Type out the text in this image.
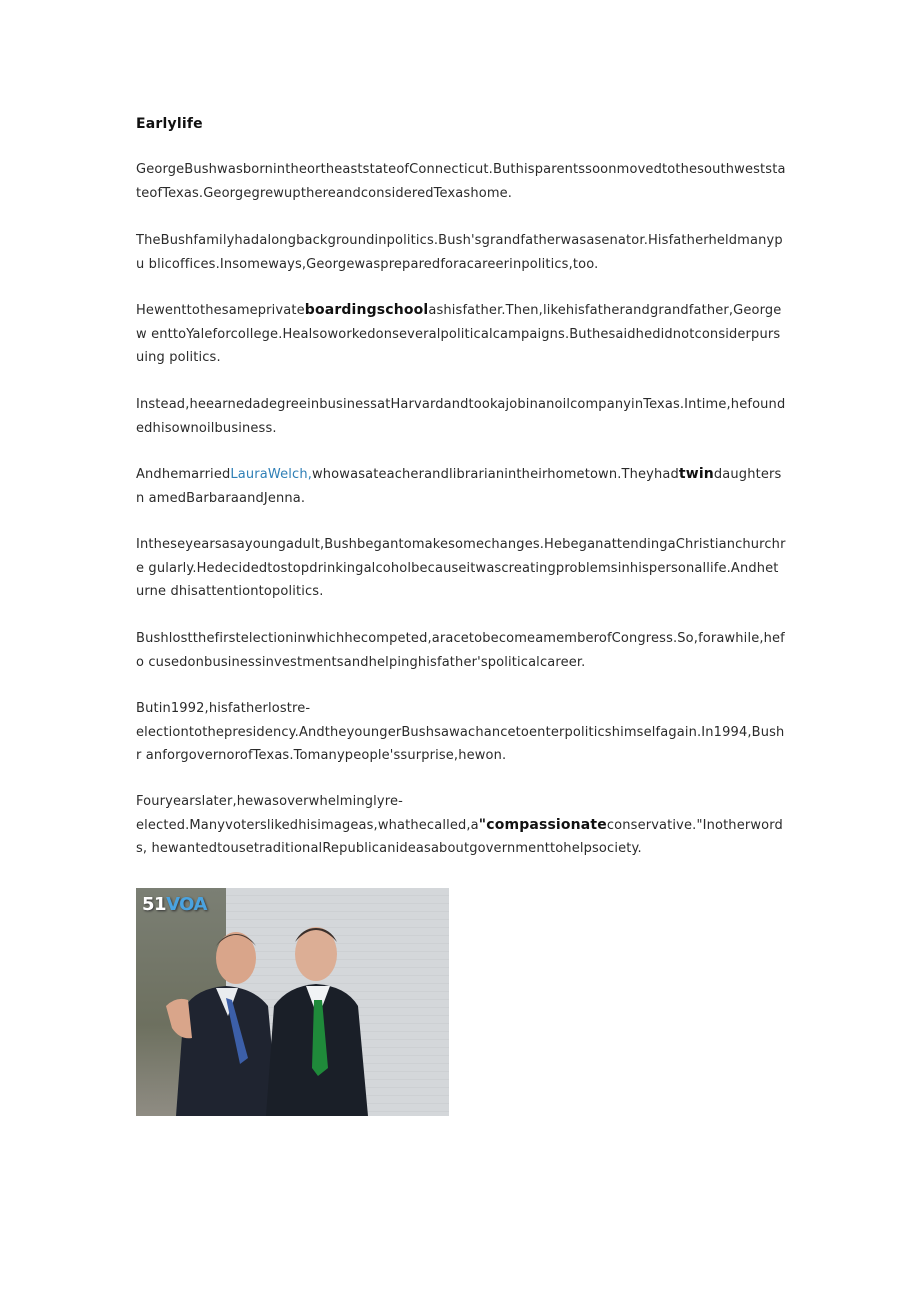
Earlylife
GeorgeBushwasbornintheortheaststateofConnecticut.Buthisparentssoonmovedtothesouthweststa teofTexas.GeorgegrewupthereandconsideredTexashome.
TheBushfamilyhadalongbackgroundinpolitics.Bush'sgrandfatherwasasenator.Hisfatherheldmanypu blicoffices.Insomeways,Georgewaspreparedforacareerinpolitics,too.
Hewenttothesameprivateboardingschoolashisfather.Then,likehisfatherandgrandfather,Georgew enttoYaleforcollege.Healsoworkedonseveralpoliticalcampaigns.Buthesaidhedidnotconsiderpursuing politics.
Instead,heearnedadegreeinbusinessatHarvardandtookajobinanoilcompanyinTexas.Intime,hefound edhisownoilbusiness.
AndhemarriedLauraWelch,whowasateacherandlibrarianintheirhometown.Theyhadtwindaughtersn amedBarbaraandJenna.
Intheseyearsasayoungadult,Bushbegantomakesomechanges.HebeganattendingaChristianchurchre gularly.Hedecidedtostopdrinkingalcoholbecauseitwascreatingproblemsinhispersonallife.Andheturne dhisattentiontopolitics.
Bushlostthefirstelectioninwhichhecompeted,aracetobecomeamemberofCongress.So,forawhile,hefo cusedonbusinessinvestmentsandhelpinghisfather'spoliticalcareer.
Butin1992,hisfatherlostre-
electiontothepresidency.AndtheyoungerBushsawachancetoenterpoliticshimselfagain.In1994,Bushr anforgovernorofTexas.Tomanypeople'ssurprise,hewon.
Fouryearslater,hewasoverwhelminglyre-
elected.Manyvoterslikedhisimageas,whathecalled,a"compassionateconservative."Inotherwords, hewantedtousetraditionalRepublicanideasaboutgovernmenttohelpsociety.
51VOA
